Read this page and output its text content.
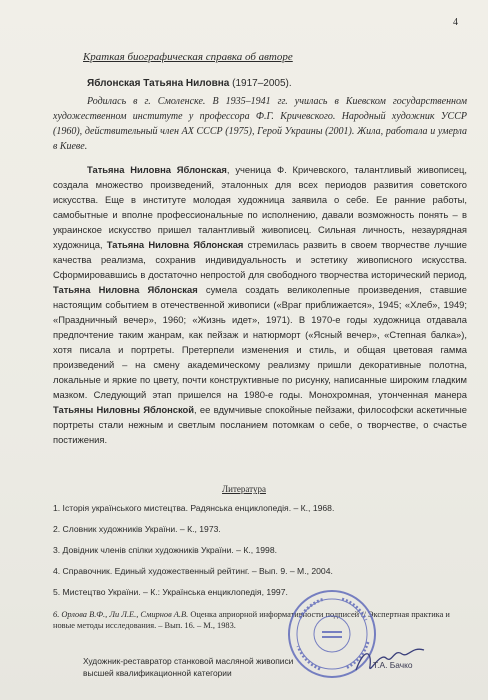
4
Краткая биографическая справка об авторе
Яблонская Татьяна Ниловна (1917–2005).
Родилась в г. Смоленске. В 1935–1941 гг. училась в Киевском государственном художественном институте у профессора Ф.Г. Кричевского. Народный художник УССР (1960), действительный член АХ СССР (1975), Герой Украины (2001). Жила, работала и умерла в Киеве.
Татьяна Ниловна Яблонская, ученица Ф. Кричевского, талантливый живописец, создала множество произведений, эталонных для всех периодов развития советского искусства. Еще в институте молодая художница заявила о себе. Ее ранние работы, самобытные и вполне профессиональные по исполнению, давали возможность понять – в украинское искусство пришел талантливый живописец. Сильная личность, незаурядная художница, Татьяна Ниловна Яблонская стремилась развить в своем творчестве лучшие качества реализма, сохранив индивидуальность и эстетику живописного искусства. Сформировавшись в достаточно непростой для свободного творчества исторический период, Татьяна Ниловна Яблонская сумела создать великолепные произведения, ставшие настоящим событием в отечественной живописи («Враг приближается», 1945; «Хлеб», 1949; «Праздничный вечер», 1960; «Жизнь идет», 1971). В 1970-е годы художница отдавала предпочтение таким жанрам, как пейзаж и натюрморт («Ясный вечер», «Степная балка»), хотя писала и портреты. Претерпели изменения и стиль, и общая цветовая гамма произведений – на смену академическому реализму пришли декоративные полотна, локальные и яркие по цвету, почти конструктивные по рисунку, написанные широким гладким мазком. Следующий этап пришелся на 1980-е годы. Монохромная, утонченная манера Татьяны Ниловны Яблонской, ее вдумчивые спокойные пейзажи, философски аскетичные портреты стали нежным и светлым посланием потомкам о себе, о творчестве, о счастье постижения.
Литература
1. Історія українського мистецтва. Радянська енциклопедія. – К., 1968.
2. Словник художників України. – К., 1973.
3. Довідник членів спілки художників України. – К., 1998.
4. Справочник. Единый художественный рейтинг. – Вып. 9. – М., 2004.
5. Мистецтво України. – К.: Українська енциклопедія, 1997.
6. Орлова В.Ф., Ли Л.Е., Смирнов А.В. Оценка априорной информативности подписей // Экспертная практика и новые методы исследования. – Вып. 16. – М., 1983.
Художник-реставратор станковой масляной живописи
высшей квалификационной категории
Т.А. Бачко
